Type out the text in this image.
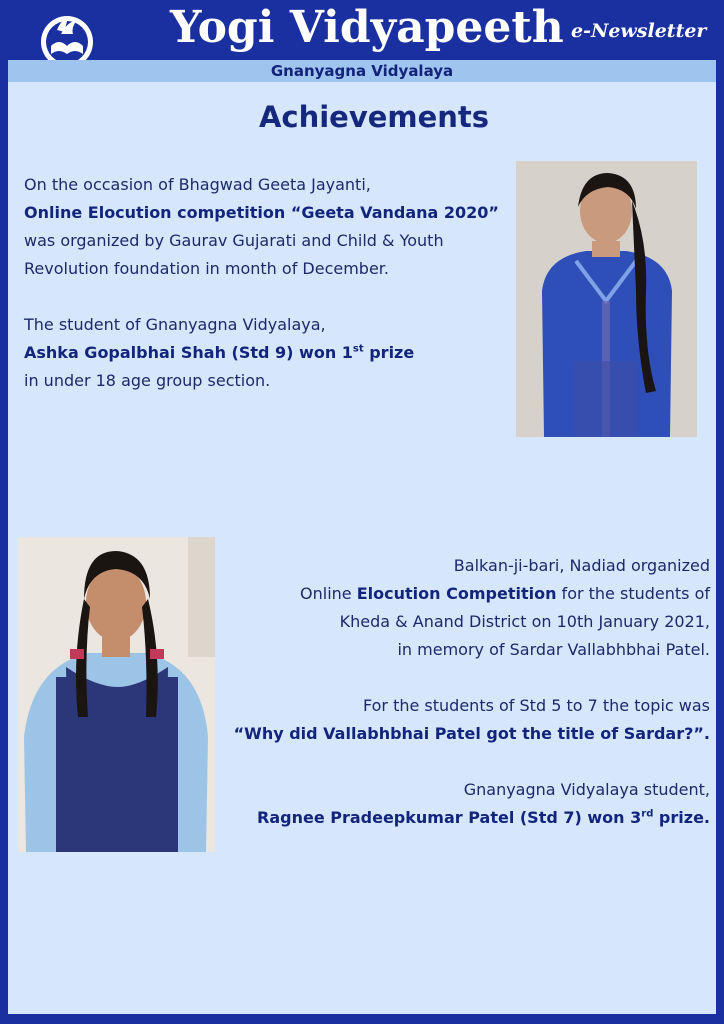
Yogi Vidyapeeth e-Newsletter
Gnanyagna Vidyalaya
Achievements

On the occasion of Bhagwad Geeta Jayanti,

Online Elocution competition “Geeta Vandana 2020”

was organized by Gaurav Gujarati and Child & Youth

Revolution foundation in month of December.

The student of Gnanyagna Vidyalaya,

Ashka Gopalbhai Shah (Std 9) won 1st prize

in under 18 age group section.

Balkan-ji-bari, Nadiad organized

Online Elocution Competition for the students of

Kheda & Anand District on 10th January 2021,

in memory of Sardar Vallabhbhai Patel.

For the students of Std 5 to 7 the topic was

“Why did Vallabhbhai Patel got the title of Sardar?”.

Gnanyagna Vidyalaya student,

Ragnee Pradeepkumar Patel (Std 7) won 3rd prize.
